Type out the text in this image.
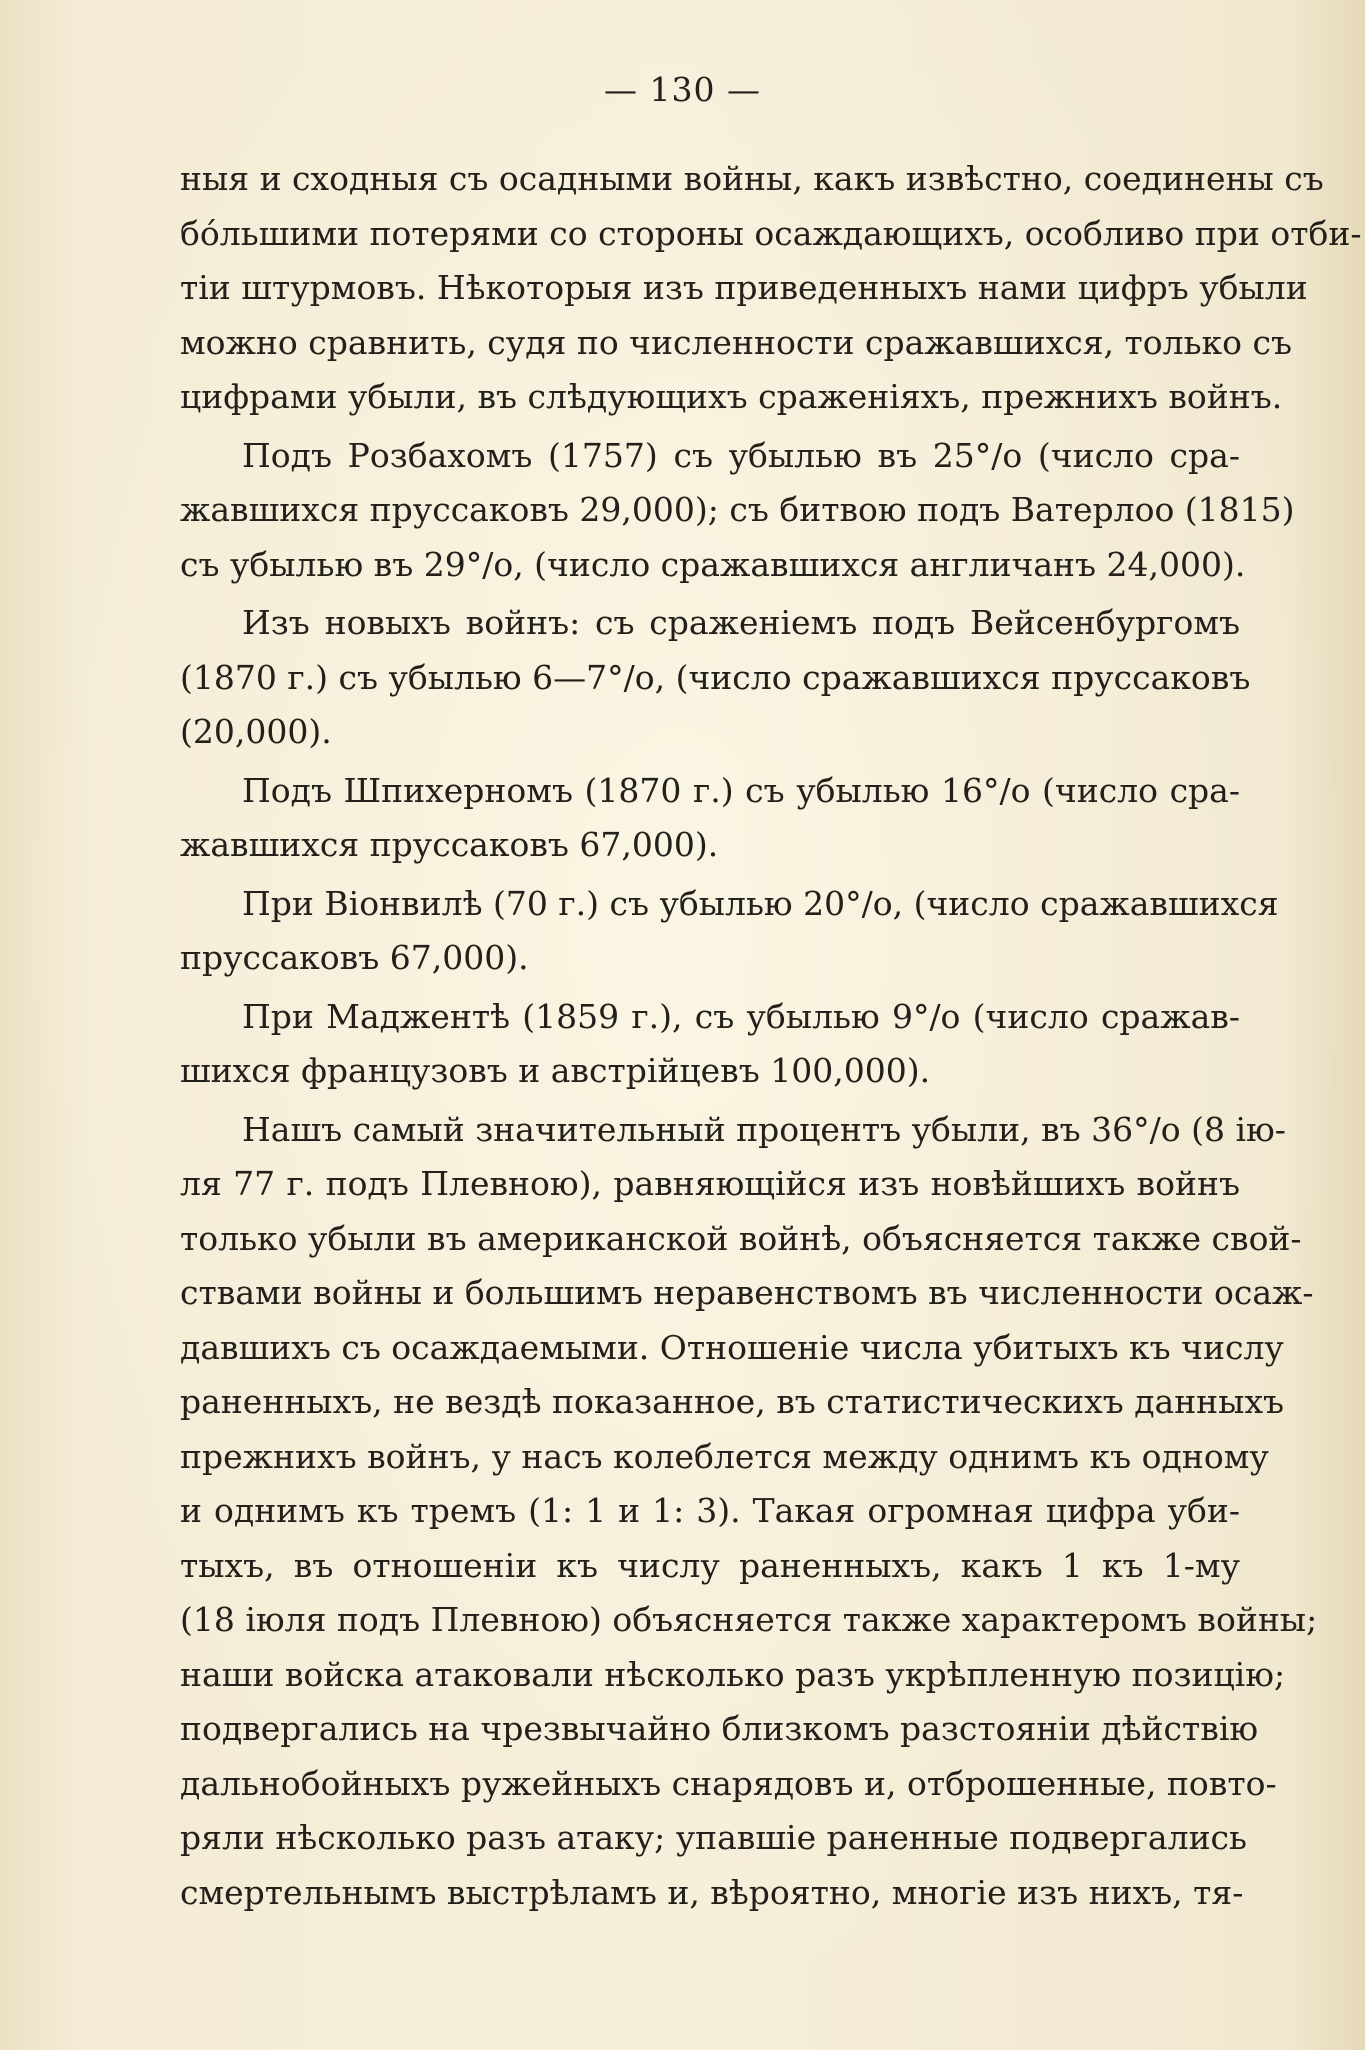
— 130 —
ныя и сходныя съ осадными войны, какъ извѣстно, соединены съ
бо́льшими потерями со стороны осаждающихъ, особливо при отби-
тіи штурмовъ. Нѣкоторыя изъ приведенныхъ нами цифръ убыли
можно сравнить, судя по численности сражавшихся, только съ
цифрами убыли, въ слѣдующихъ сраженіяхъ, прежнихъ войнъ.
Подъ Розбахомъ (1757) съ убылью въ 25°/o (число сра-
жавшихся пруссаковъ 29,000); съ битвою подъ Ватерлоо (1815)
съ убылью въ 29°/o, (число сражавшихся англичанъ 24,000).
Изъ новыхъ войнъ: съ сраженіемъ подъ Вейсенбургомъ
(1870 г.) съ убылью 6—7°/o, (число сражавшихся пруссаковъ
(20,000).
Подъ Шпихерномъ (1870 г.) съ убылью 16°/o (число сра-
жавшихся пруссаковъ 67,000).
При Віонвилѣ (70 г.) съ убылью 20°/o, (число сражавшихся
пруссаковъ 67,000).
При Маджентѣ (1859 г.), съ убылью 9°/o (число сражав-
шихся французовъ и австрійцевъ 100,000).
Нашъ самый значительный процентъ убыли, въ 36°/o (8 ію-
ля 77 г. подъ Плевною), равняющійся изъ новѣйшихъ войнъ
только убыли въ американской войнѣ, объясняется также свой-
ствами войны и большимъ неравенствомъ въ численности осаж-
давшихъ съ осаждаемыми. Отношеніе числа убитыхъ къ числу
раненныхъ, не вездѣ показанное, въ статистическихъ данныхъ
прежнихъ войнъ, у насъ колеблется между однимъ къ одному
и однимъ къ тремъ (1: 1 и 1: 3). Такая огромная цифра уби-
тыхъ, въ отношеніи къ числу раненныхъ, какъ 1 къ 1-му
(18 іюля подъ Плевною) объясняется также характеромъ войны;
наши войска атаковали нѣсколько разъ укрѣпленную позицію;
подвергались на чрезвычайно близкомъ разстояніи дѣйствію
дальнобойныхъ ружейныхъ снарядовъ и, отброшенные, повто-
ряли нѣсколько разъ атаку; упавшіе раненные подвергались
смертельнымъ выстрѣламъ и, вѣроятно, многіе изъ нихъ, тя-
